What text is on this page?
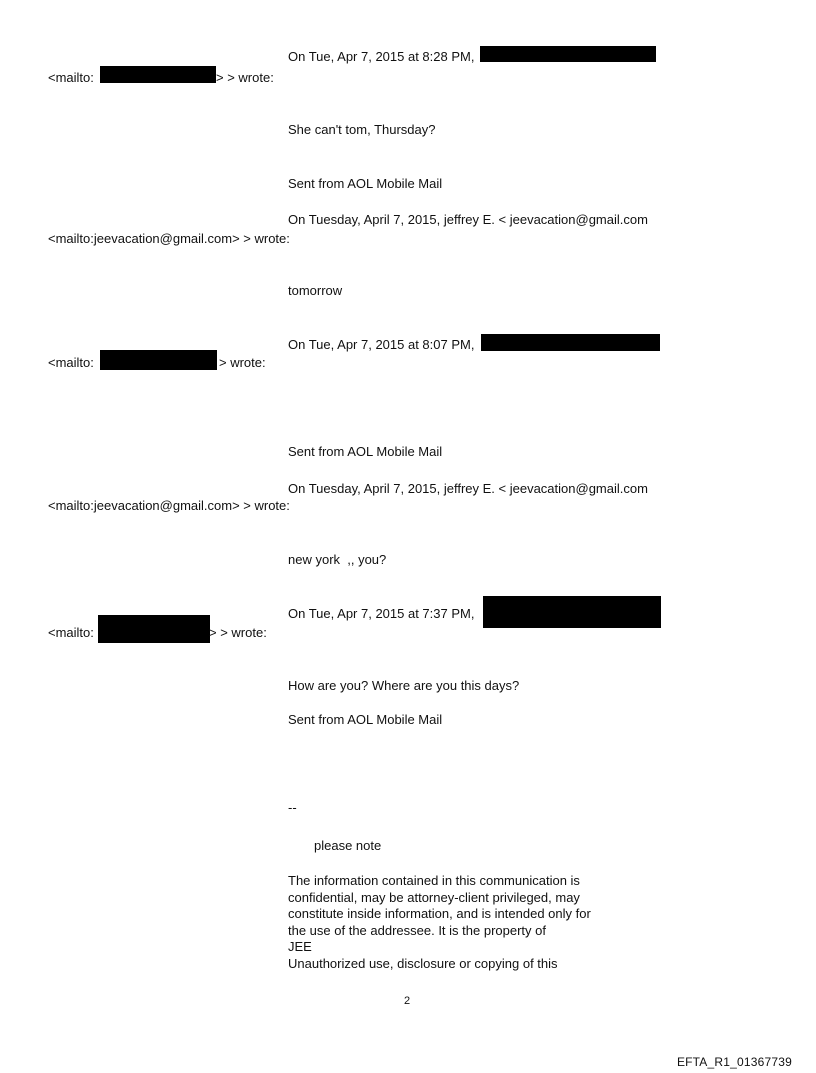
On Tue, Apr 7, 2015 at 8:28 PM,
<mailto:	> > wrote:
She can't tom, Thursday?
Sent from AOL Mobile Mail
On Tuesday, April 7, 2015, jeffrey E. < jeevacation@gmail.com
<mailto:jeevacation@gmail.com> > wrote:
tomorrow
On Tue, Apr 7, 2015 at 8:07 PM,
<mailto:	> wrote:
Sent from AOL Mobile Mail
On Tuesday, April 7, 2015, jeffrey E. < jeevacation@gmail.com
<mailto:jeevacation@gmail.com> > wrote:
new york  ,, you?
On Tue, Apr 7, 2015 at 7:37 PM,
<mailto:	> > wrote:
How are you? Where are you this days?
Sent from AOL Mobile Mail
--
please note
The information contained in this communication is
confidential, may be attorney-client privileged, may
constitute inside information, and is intended only for
the use of the addressee. It is the property of
JEE
Unauthorized use, disclosure or copying of this
2
EFTA_R1_01367739
